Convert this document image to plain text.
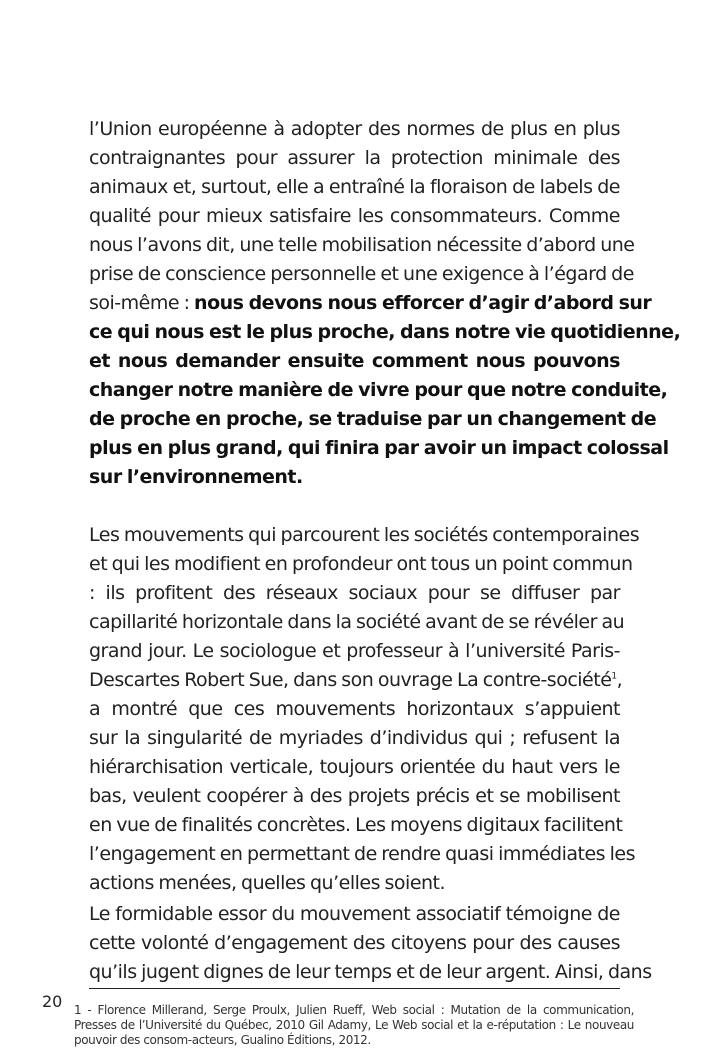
l’Union européenne à adopter des normes de plus en plus
contraignantes pour assurer la protection minimale des
animaux et, surtout, elle a entraîné la floraison de labels de
qualité pour mieux satisfaire les consommateurs. Comme
nous l’avons dit, une telle mobilisation nécessite d’abord une
prise de conscience personnelle et une exigence à l’égard de
soi-même : nous devons nous efforcer d’agir d’abord sur
ce qui nous est le plus proche, dans notre vie quotidienne,
et nous demander ensuite comment nous pouvons
changer notre manière de vivre pour que notre conduite,
de proche en proche, se traduise par un changement de
plus en plus grand, qui finira par avoir un impact colossal
sur l’environnement.
Les mouvements qui parcourent les sociétés contemporaines
et qui les modifient en profondeur ont tous un point commun
: ils profitent des réseaux sociaux pour se diffuser par
capillarité horizontale dans la société avant de se révéler au
grand jour. Le sociologue et professeur à l’université Paris-
Descartes Robert Sue, dans son ouvrage La contre-société$^1$,
a montré que ces mouvements horizontaux s’appuient
sur la singularité de myriades d’individus qui ; refusent la
hiérarchisation verticale, toujours orientée du haut vers le
bas, veulent coopérer à des projets précis et se mobilisent
en vue de finalités concrètes. Les moyens digitaux facilitent
l’engagement en permettant de rendre quasi immédiates les
actions menées, quelles qu’elles soient.
Le formidable essor du mouvement associatif témoigne de
cette volonté d’engagement des citoyens pour des causes
qu’ils jugent dignes de leur temps et de leur argent. Ainsi, dans
20 1 - Florence Millerand, Serge Proulx, Julien Rueff, Web social : Mutation de la communication,
Presses de l’Université du Québec, 2010 Gil Adamy, Le Web social et la e-réputation : Le nouveau
pouvoir des consom-acteurs, Gualino Éditions, 2012.
